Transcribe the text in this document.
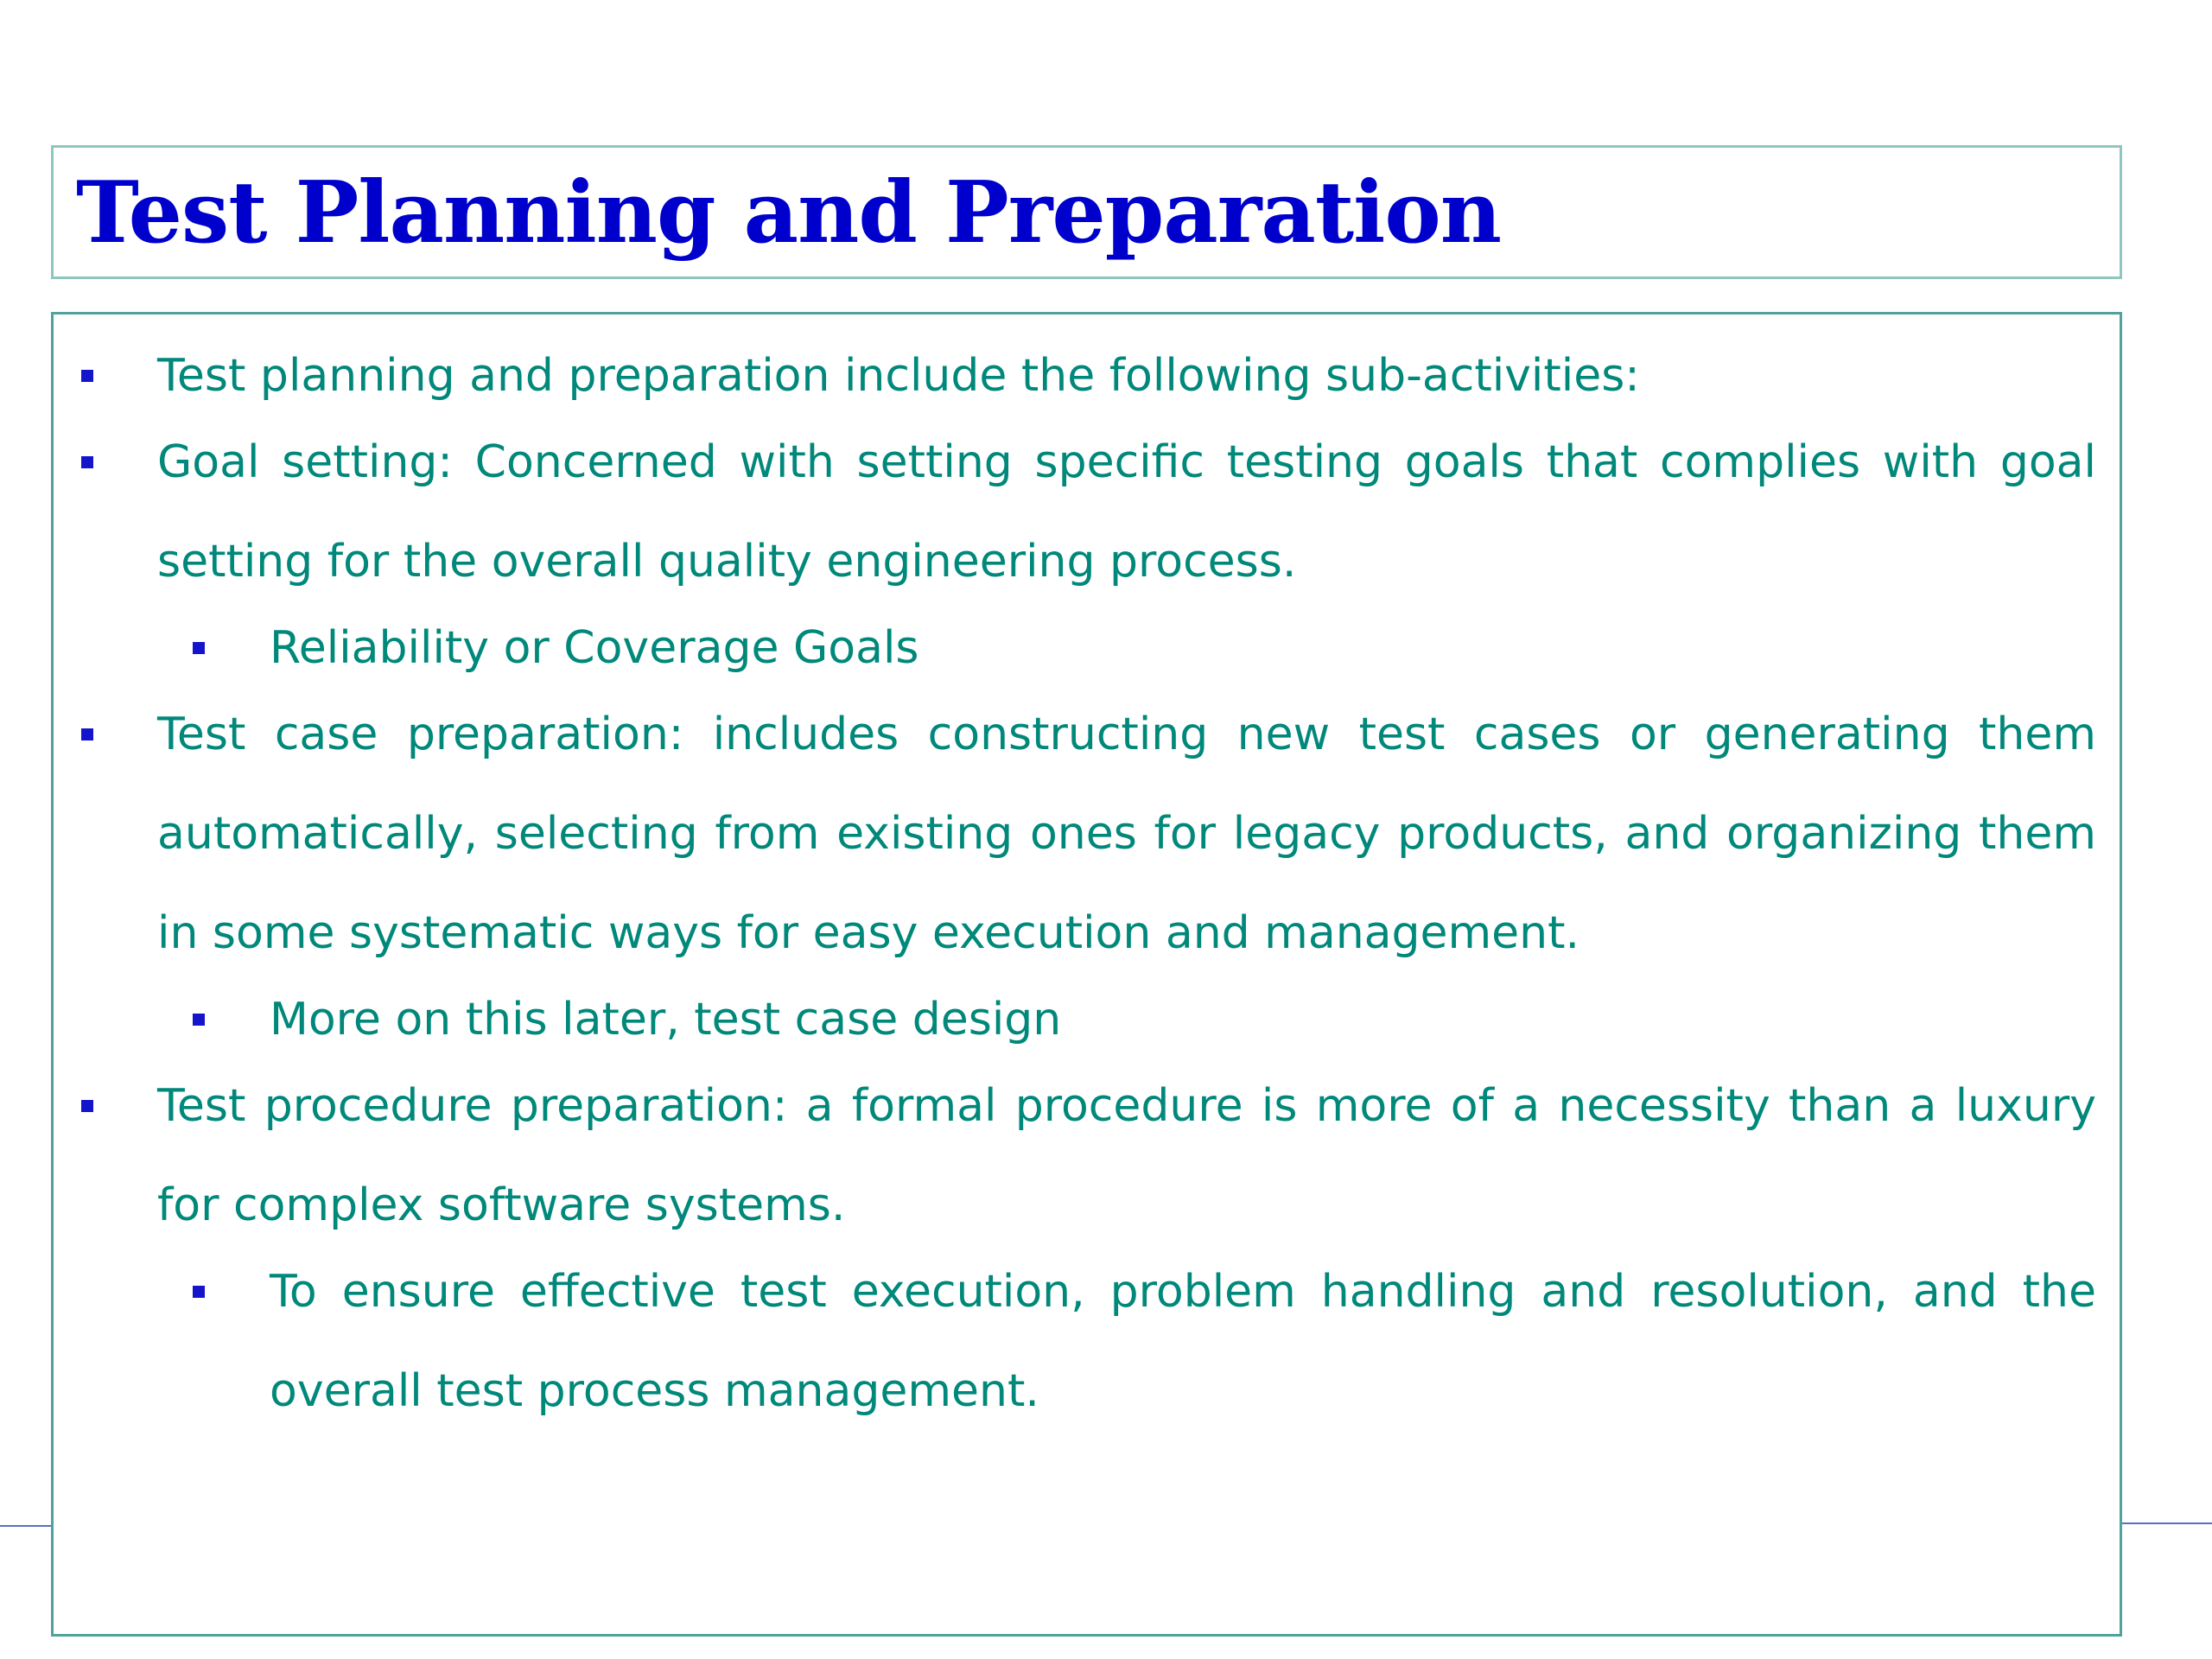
Test Planning and Preparation
Test planning and preparation include the following sub-activities:
Goal setting: Concerned with setting specific testing goals that complies with goal setting for the overall quality engineering process.
Reliability or Coverage Goals
Test case preparation: includes constructing new test cases or generating them automatically, selecting from existing ones for legacy products, and organizing them in some systematic ways for easy execution and management.
More on this later, test case design
Test procedure preparation: a formal procedure is more of a necessity than a luxury for complex software systems.
To ensure effective test execution, problem handling and resolution, and the overall test process management.
